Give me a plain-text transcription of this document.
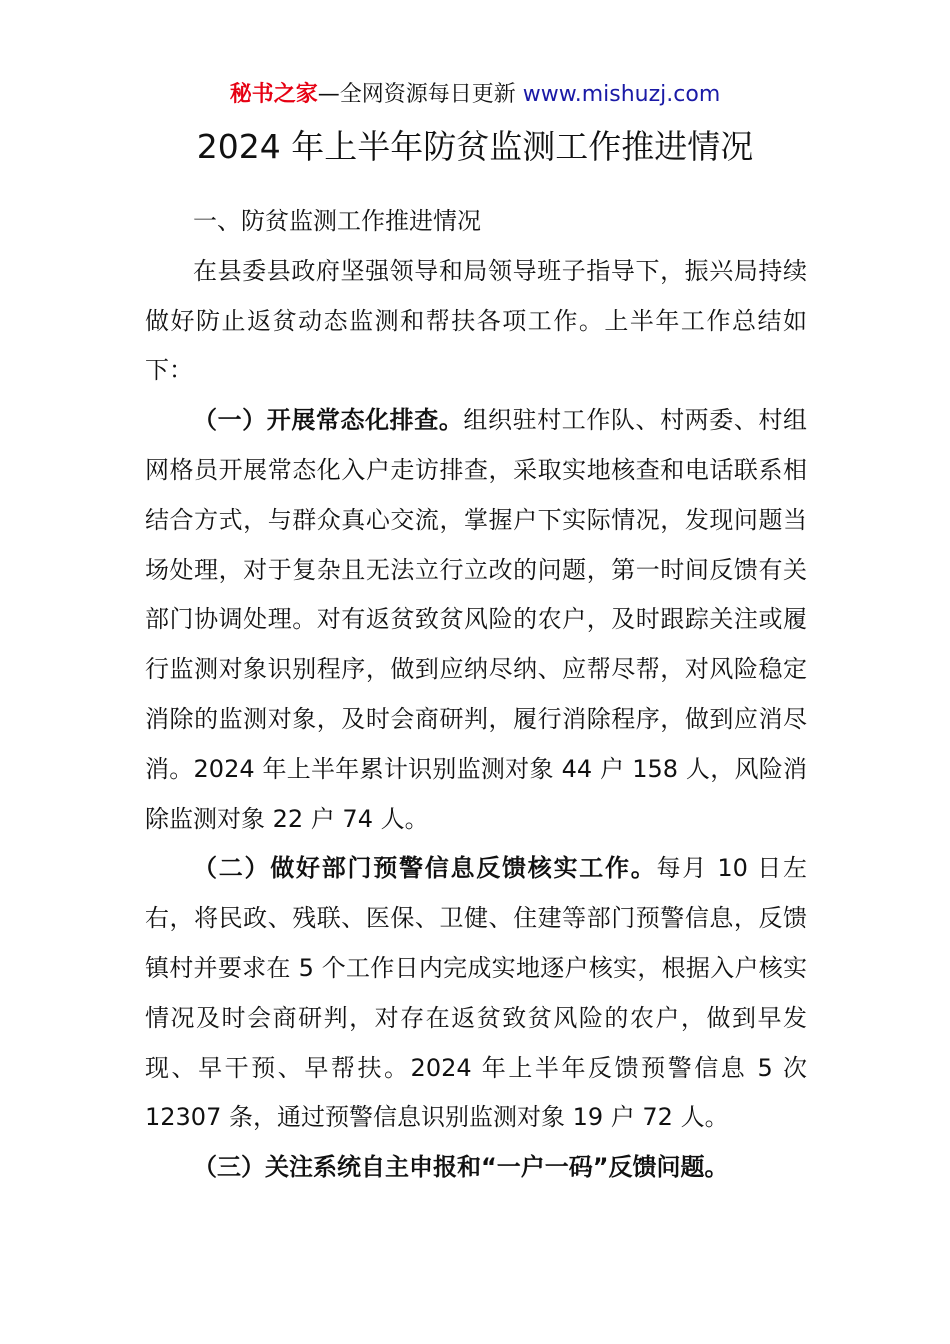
秘书之家—全网资源每日更新 www.mishuzj.com
2024 年上半年防贫监测工作推进情况

一、防贫监测工作推进情况

在县委县政府坚强领导和局领导班子指导下，振兴局持续做好防止返贫动态监测和帮扶各项工作。上半年工作总结如下：

（一）开展常态化排查。组织驻村工作队、村两委、村组网格员开展常态化入户走访排查，采取实地核查和电话联系相结合方式，与群众真心交流，掌握户下实际情况，发现问题当场处理，对于复杂且无法立行立改的问题，第一时间反馈有关部门协调处理。对有返贫致贫风险的农户，及时跟踪关注或履行监测对象识别程序，做到应纳尽纳、应帮尽帮，对风险稳定消除的监测对象，及时会商研判，履行消除程序，做到应消尽消。2024 年上半年累计识别监测对象 44 户 158 人，风险消除监测对象 22 户 74 人。

（二）做好部门预警信息反馈核实工作。每月 10 日左右，将民政、残联、医保、卫健、住建等部门预警信息，反馈镇村并要求在 5 个工作日内完成实地逐户核实，根据入户核实情况及时会商研判，对存在返贫致贫风险的农户，做到早发现、早干预、早帮扶。2024 年上半年反馈预警信息 5 次 12307 条，通过预警信息识别监测对象 19 户 72 人。

（三）关注系统自主申报和“一户一码”反馈问题。
